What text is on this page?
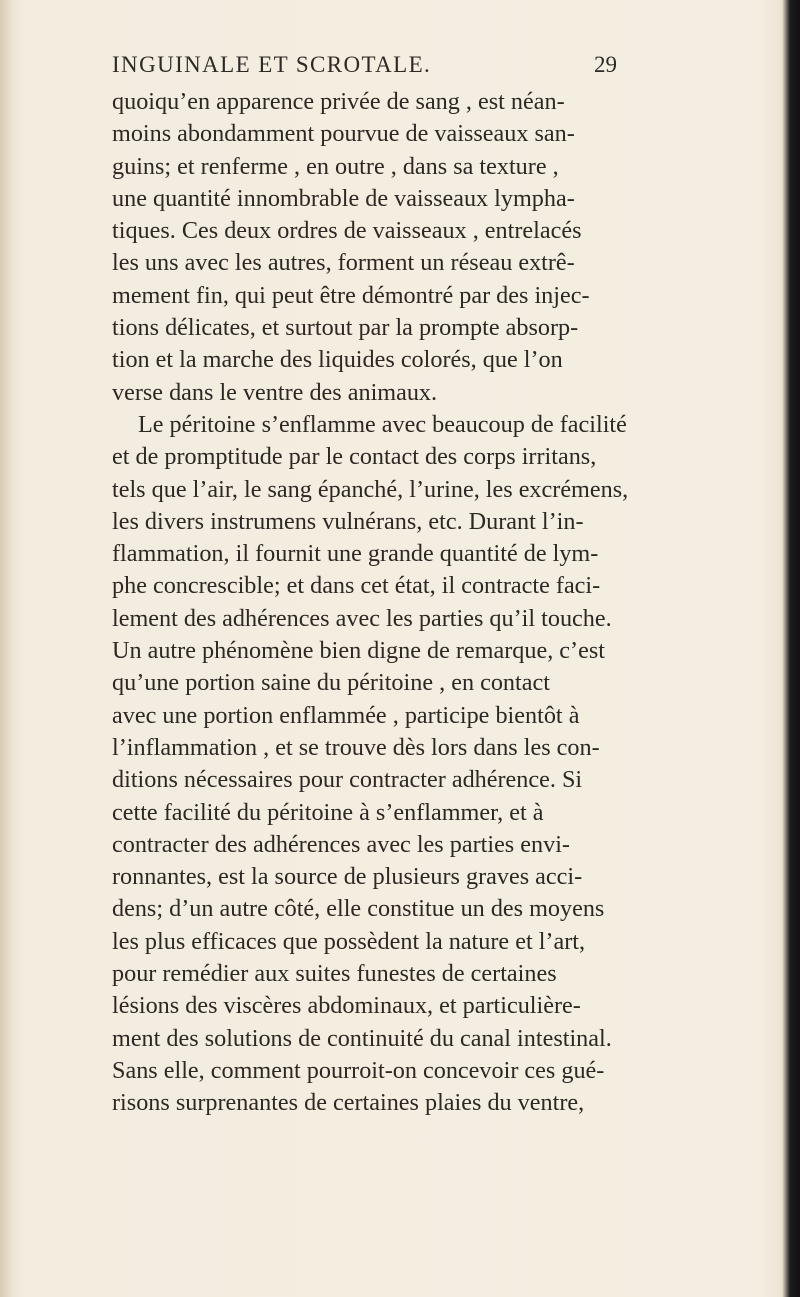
INGUINALE ET SCROTALE.	29
quoiqu’en apparence privée de sang , est néan-
moins abondamment pourvue de vaisseaux san-
guins; et renferme , en outre , dans sa texture ,
une quantité innombrable de vaisseaux lympha-
tiques. Ces deux ordres de vaisseaux , entrelacés
les uns avec les autres, forment un réseau extrê-
mement fin, qui peut être démontré par des injec-
tions délicates, et surtout par la prompte absorp-
tion et la marche des liquides colorés, que l’on
verse dans le ventre des animaux.
Le péritoine s’enflamme avec beaucoup de facilité
et de promptitude par le contact des corps irritans,
tels que l’air, le sang épanché, l’urine, les excrémens,
les divers instrumens vulnérans, etc. Durant l’in-
flammation, il fournit une grande quantité de lym-
phe concrescible; et dans cet état, il contracte faci-
lement des adhérences avec les parties qu’il touche.
Un autre phénomène bien digne de remarque, c’est
qu’une portion saine du péritoine , en contact
avec une portion enflammée , participe bientôt à
l’inflammation , et se trouve dès lors dans les con-
ditions nécessaires pour contracter adhérence. Si
cette facilité du péritoine à s’enflammer, et à
contracter des adhérences avec les parties envi-
ronnantes, est la source de plusieurs graves acci-
dens; d’un autre côté, elle constitue un des moyens
les plus efficaces que possèdent la nature et l’art,
pour remédier aux suites funestes de certaines
lésions des viscères abdominaux, et particulière-
ment des solutions de continuité du canal intestinal.
Sans elle, comment pourroit-on concevoir ces gué-
risons surprenantes de certaines plaies du ventre,
